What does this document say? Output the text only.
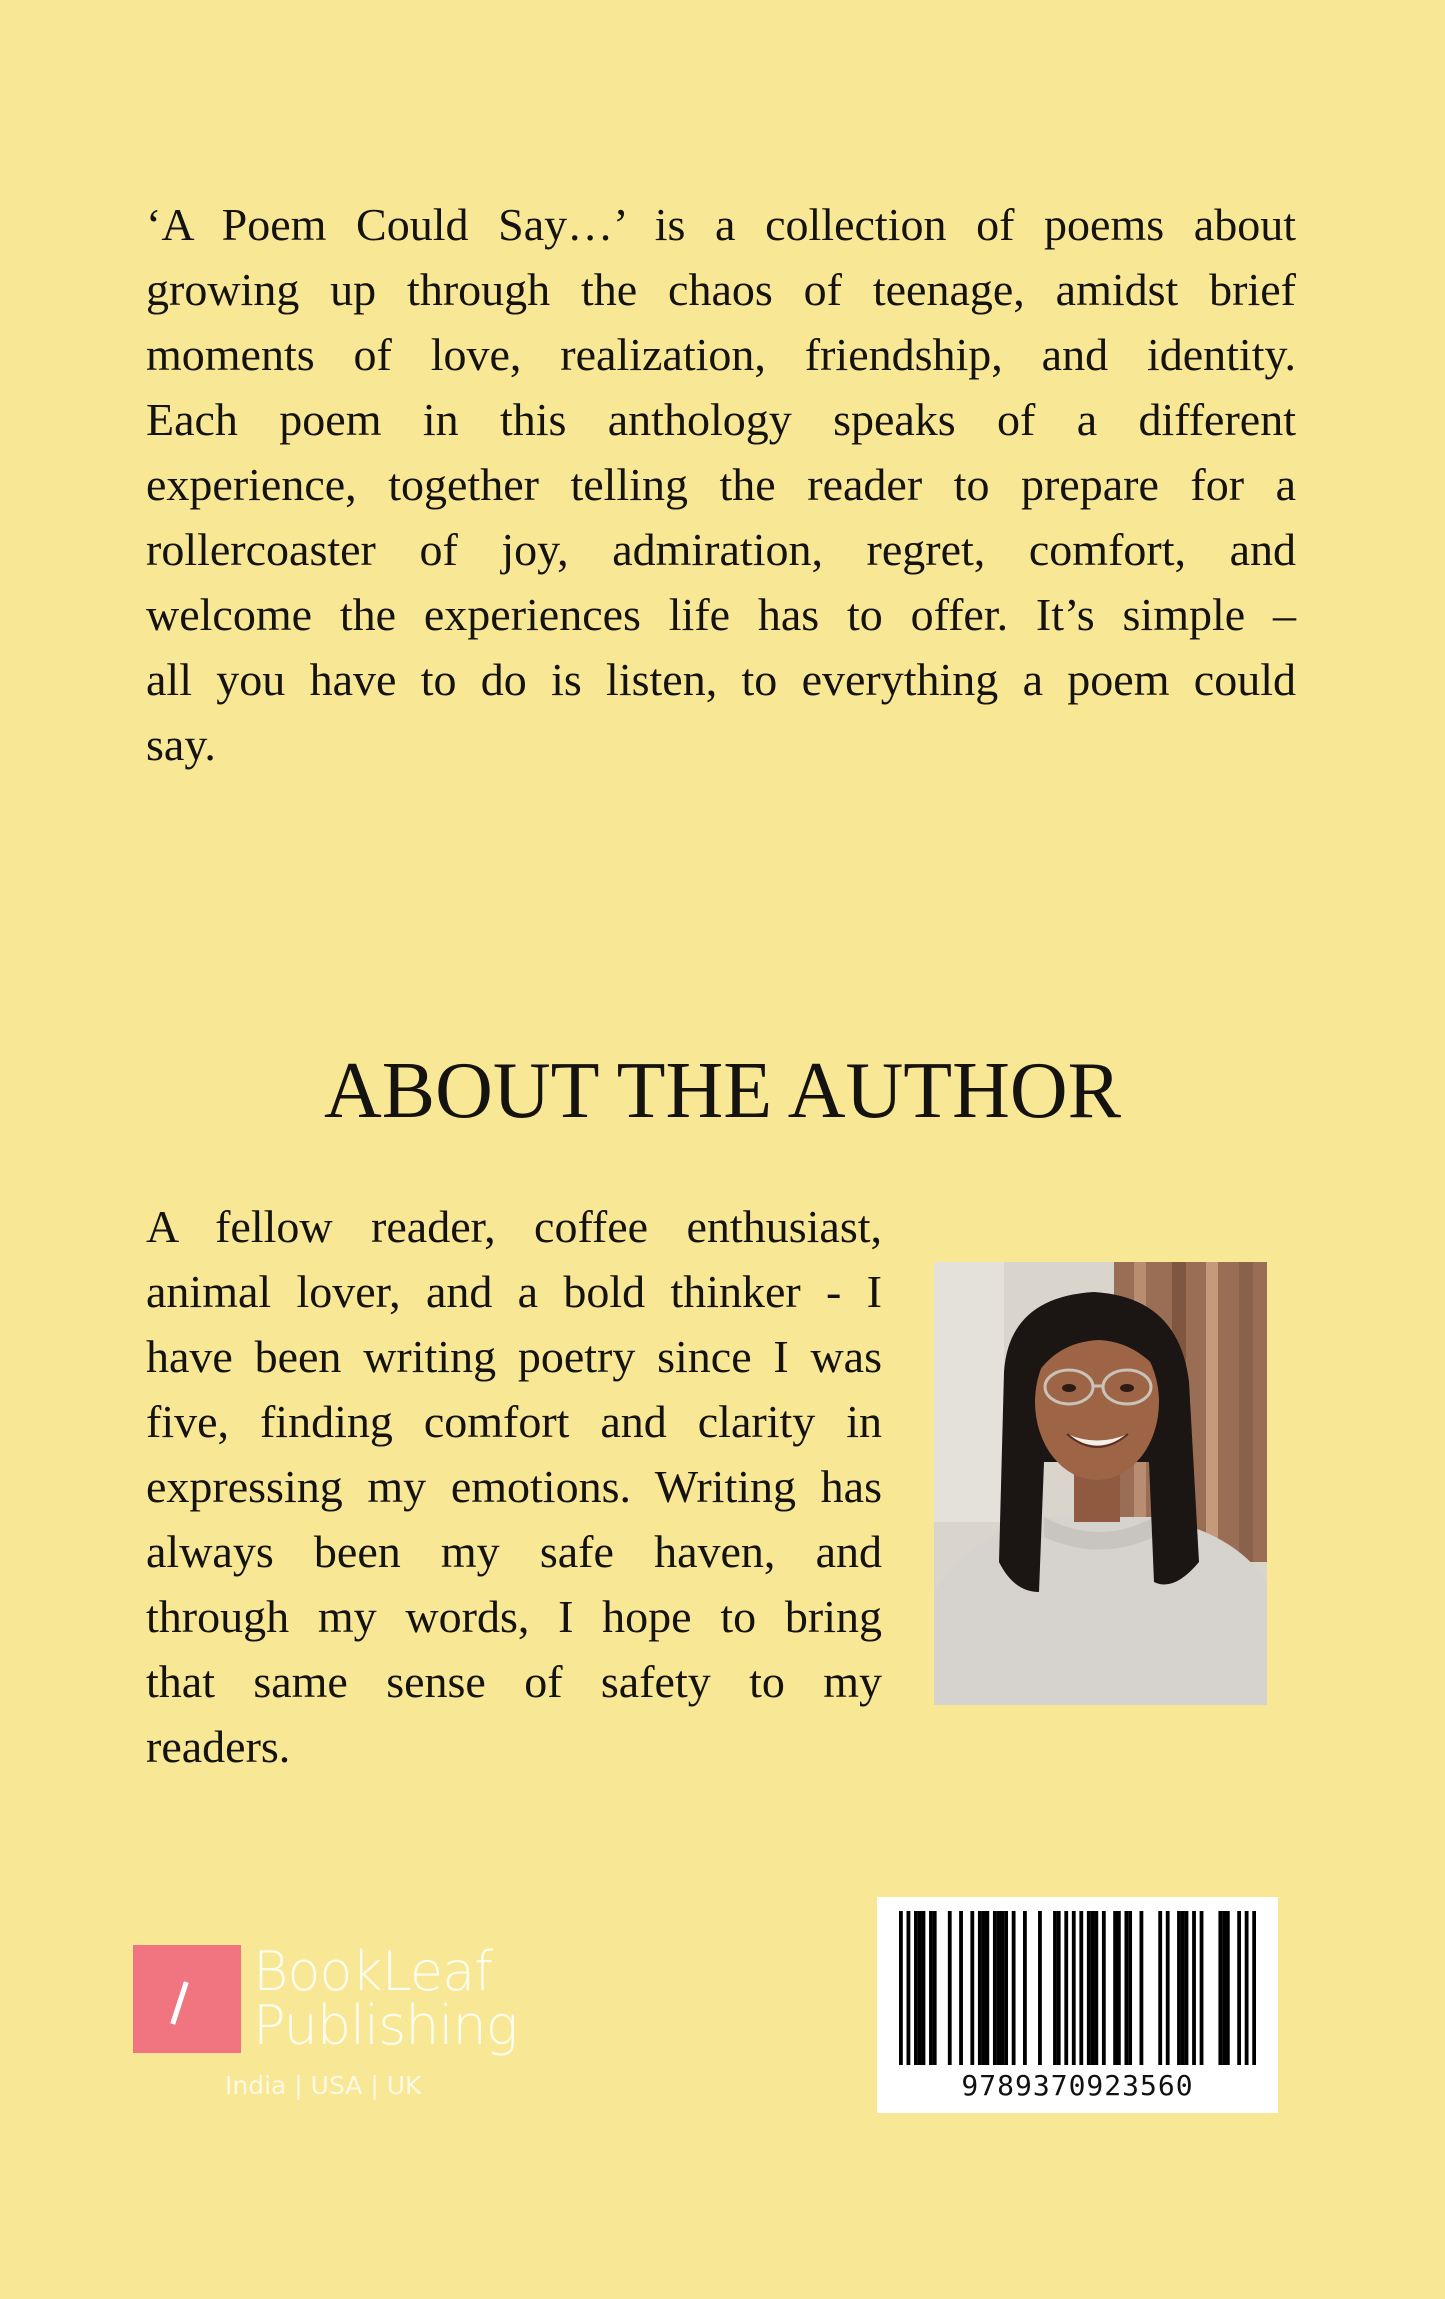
‘A Poem Could Say…’ is a collection of poems about growing up through the chaos of teenage, amidst brief moments of love, realization, friendship, and identity. Each poem in this anthology speaks of a different experience, together telling the reader to prepare for a rollercoaster of joy, admiration, regret, comfort, and welcome the experiences life has to offer. It’s simple – all you have to do is listen, to everything a poem could say.

ABOUT THE AUTHOR

A fellow reader, coffee enthusiast, animal lover, and a bold thinker - I have been writing poetry since I was five, finding comfort and clarity in expressing my emotions. Writing has always been my safe haven, and through my words, I hope to bring that same sense of safety to my readers.

BookLeaf
Publishing
India | USA | UK	9789370923560
